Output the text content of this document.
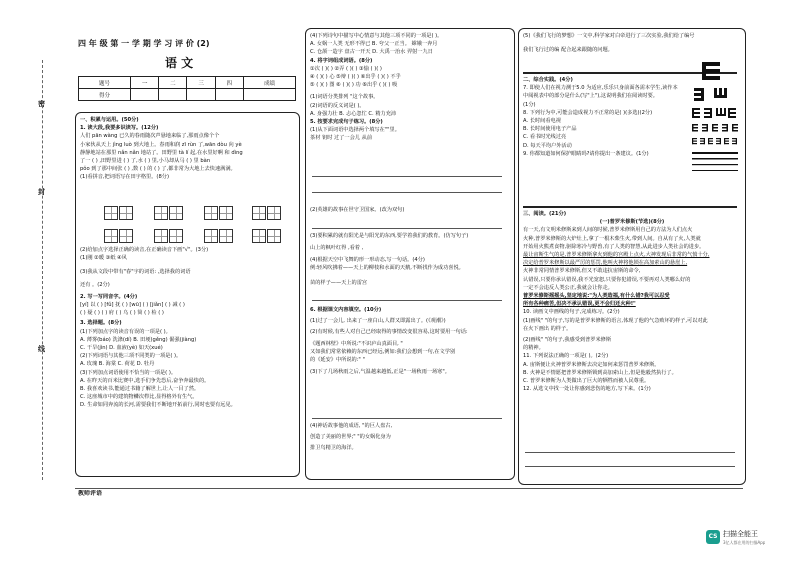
密
封
线
四 年 级 第 一 学 期 学 习 评 价 (2)
语 文
题号	一	二	三	四	成绩
得分					
一、积累与运用。(50分)
1. 读大段,我要多识读写。(12分)
人们 pān wàng 已久的春雨随次声悬地来临了,那雨点像个个
小家伙从天上 jìng luò 到大地上。春雨和润 zī rùn 了,wān dòu 向 yè
静静地站在那里 nǎn nǎn 地站了。田野里 tà lí 起,在水里好啊 和 dìng
了一 ( ) ,田野里进 ( ) 了,水 ( ) 里,小马却从马 ( ) 里 bàn
pǒo 到了那中间张 ( ) ,数 ( ) 的 ( ) 了,都非常为大地上去快速满满。
(1)看拼音,把词语写在田字格里。(8分)
(2)给加点字选择正确的读音,在正确读音下画"√"。(3分)
(1)刚 ②暖 ③纸 ④风
(3)我从文段中带有"春"字的词语: ,选择我的词语
还有 。(2分)
2. 写一写同音字。(4分)
[yí] 以 ( ) [fǔ] 抚 ( ) [wū] ( ) [jiǎn] ( ) 减 ( )
( ) 疑 ( ) ( ) 府 ( ) 乌 ( ) 简 ( ) 检 ( )
3. 选择题。(8分)
(1)下列加点字的读音有误的一项是( )。
A. 薄雾(báo) 洗涤(dí) B. 田埂(gěng) 倔强(jiàng)
C. 干旱(jìn) D. 血液(yè) 如天(xué)
(2)下列词语与其他三项不同类的一项是( )。
A. 玫瑰 B. 海棠 C. 荷花 D. 牡丹
(3)下列加点词语使用不恰当的一项是( )。
A. 在昨天的百米比赛中,选手们争先恐后,奋争奔最快的。
B. 我喜欢读书,能通过书籍了解世上,让人一目了然。
C. 这座城市中的建筑物鳞次栉比,显得格外有生气。
D. 生命如同奔流的长河,需要我们不断地开拓前行,同时也要有远见。
(4)下列诗句中描写中心情意与其他三项不同的一项是( )。
A. 女娲一人类 无形不得已 B. 夸父一正当。 嫦娥一奔月
C. 仓颉一造字 盘古一开天 D. 大禹一治水 羿射一九日
4. 将字词组成词语。(8分)
①次 ( )( ) ②弄 ( )( ) ③愉 ( )( )
④ ( )( ) 心 ⑤辩 ( )( ) ⑥出乎 ( )( ) 不乎
⑤ ( )( ) 图 ⑥ ( )( ) 功 ⑥出乎 ( )( ) 吸
(1)词语分类排列 "这个故事。
(2)词语的反义词是( )。
A. 身强力壮 B. 忐心忽忙 C. 精力充沛
5. 按要求完成句子练习。(8分)
(1)从下面词语中选择两个填写在""里。
茶材 钥时 过了一会儿 从前
(2)英雄的故事在世守卫国家。(改为双句)
(3)要积累的就有阳光是与阳光的东西,要学着我们的教育。(仿写句子)
山上的枫叶红得 ,看着 ,
(4)根据天空中飞舞的形一形动态,写一句话。(4分)
例:轻风吹拂着——天上的柳枝和水面的天鹅,不断找作为成功喜悦。
苗的样子——天上的雷宫
6. 根据课文内容填空。(10分)
(1)过了一会儿, 出来了一座白山,人群又即露出了。(《观潮》)
(2)有时候,有些人对自己已经取得的事情改变很容易,这时要用一句话:
《题西林壁》中所说:"不识庐山真面目, "
又如我们常常依赖的东西已经远,例如:我们会想到一句,在文学别
的《延安》中所说的:" "
(3)下了几场秋雨之后,气温越来越低,正是"一场秋雨一场寒"。
(4)神话故事他的成语, "的巨人盘古,
创造了美丽的世界;" "的女娲化身为
排卫鸟精卫的海洋。
(5)《我们飞行的梦想》一文中,科学家对白帝进行了三次实验,我们给了编号
我们飞行过的编 配合起来跟随的问题。
二、综合实践。(4分)
7. 即使人们在视力测于5.0 为适应,乐乐只身前面各需本学生,读作本
中阅视表中的部分是什么(写"上"),这说明我们在阅读时要。
(1分)
8. 下列行为中,可能会造成视力不正常的是( )(多选)(2分)
A. 长时间看电视
B. 长时间使用电子产品
C. 看书时光线过亮
D. 每天平均户外活动
9. 你都知道如何保护眼睛吗?请你提出一条建议。(1分)
三、阅读。(21分)
(一)普罗米修斯(节选)(8分)
有一天,有文明米修斯来到人间的时候,普罗米修斯用自己的方法为人们点火
火种,普罗米修斯的大炉灶上,拿了一根木柴生火,带到人间。自从有了火,人类就
开始用火熊煮食物,驱除寒冷与野兽,有了人类的智慧,从此进步人类社会的进步。
最让宙斯生气的是,普罗米修斯拿火到他的宫殿上点火,大神发现后非常的气愤十分,
决定给普罗米修斯以最严厉的惩罚,他叫火神将他锁在高加索山的悬崖上,
火神非常同情普罗米修斯,但又不敢违抗宙斯的命令,
认错误,只要你承认错误,我不光宽恕,只要你犯错误,不要再对人类哪么好的
一定不会违反人类公正,我就会让你走。
普罗米修斯摇摇头,坚定地说:"为人类造福,有什么错?我可以忍受
所有各种痛苦,但决不承认错误,更不会归还火种!"
10. 读画文中画线的句子,完成练习。(2分)
(1)画线" "的句子,写的是普罗米修斯的语言,体现了他的气急败坏的样子,可以对此
在火下画出 的样子。
(2)画线" "的句子,我感受到普罗米修斯
的精神。
11. 下列说法正确的一项是( )。(2分)
A. 宙斯便让火神普罗米修斯去决定如何来惩罚普罗米修斯。
B. 火神是不情愿把普罗米修斯锁到高加索山上,但是他毅然执行了。
C. 普罗米修斯为人类做出了巨大的牺牲而被人民尊重。
12. 从选文中找一处让你感到悲伤的地方,写下来。(1分)
教师评语
CS 扫描全能王
3亿人都在用的扫描App
